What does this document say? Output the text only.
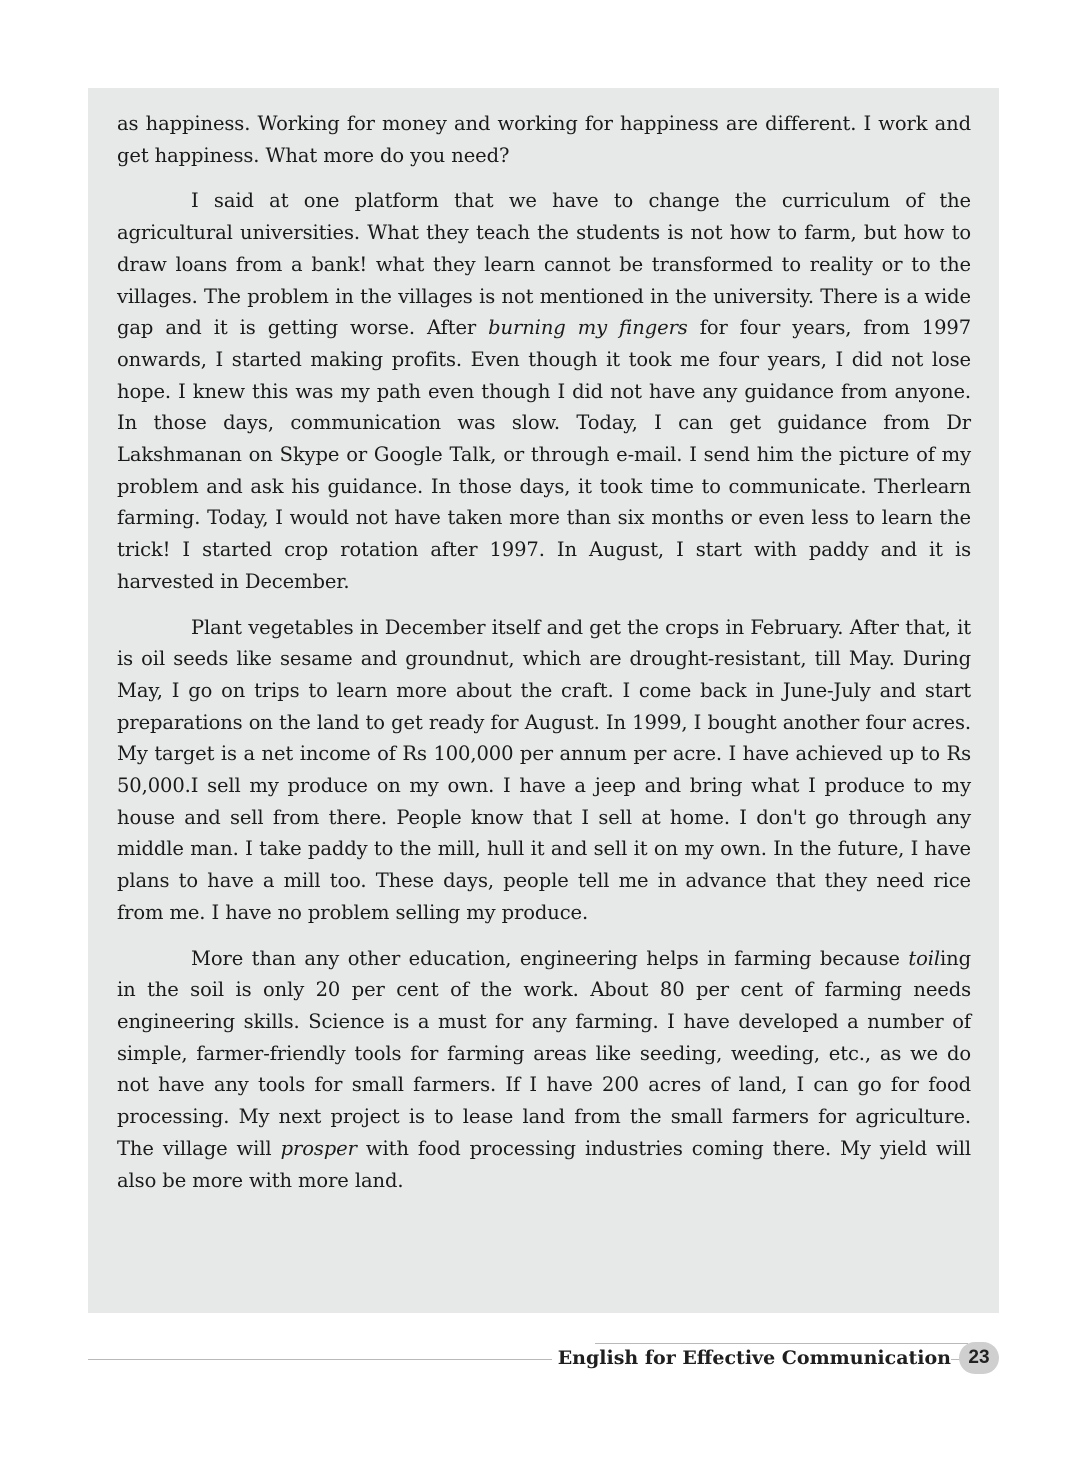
as happiness. Working for money and working for happiness are different. I work and get happiness. What more do you need?

I said at one platform that we have to change the curriculum of the agricultural universities. What they teach the students is not how to farm, but how to draw loans from a bank! what they learn cannot be transformed to reality or to the villages. The problem in the villages is not mentioned in the university. There is a wide gap and it is getting worse. After burning my fingers for four years, from 1997 onwards, I started making profits. Even though it took me four years, I did not lose hope. I knew this was my path even though I did not have any guidance from anyone. In those days, communication was slow. Today, I can get guidance from Dr Lakshmanan on Skype or Google Talk, or through e-mail. I send him the picture of my problem and ask his guidance. In those days, it took time to communicate. Therlearn farming. Today, I would not have taken more than six months or even less to learn the trick! I started crop rotation after 1997. In August, I start with paddy and it is harvested in December.

Plant vegetables in December itself and get the crops in February. After that, it is oil seeds like sesame and groundnut, which are drought-resistant, till May. During May, I go on trips to learn more about the craft. I come back in June-July and start preparations on the land to get ready for August. In 1999, I bought another four acres. My target is a net income of Rs 100,000 per annum per acre. I have achieved up to Rs 50,000.I sell my produce on my own. I have a jeep and bring what I produce to my house and sell from there. People know that I sell at home. I don't go through any middle man. I take paddy to the mill, hull it and sell it on my own. In the future, I have plans to have a mill too. These days, people tell me in advance that they need rice from me. I have no problem selling my produce.

More than any other education, engineering helps in farming because toiling in the soil is only 20 per cent of the work. About 80 per cent of farming needs engineering skills. Science is a must for any farming. I have developed a number of simple, farmer-friendly tools for farming areas like seeding, weeding, etc., as we do not have any tools for small farmers. If I have 200 acres of land, I can go for food processing. My next project is to lease land from the small farmers for agriculture. The village will prosper with food processing industries coming there. My yield will also be more with more land.

English for Effective Communication 23
